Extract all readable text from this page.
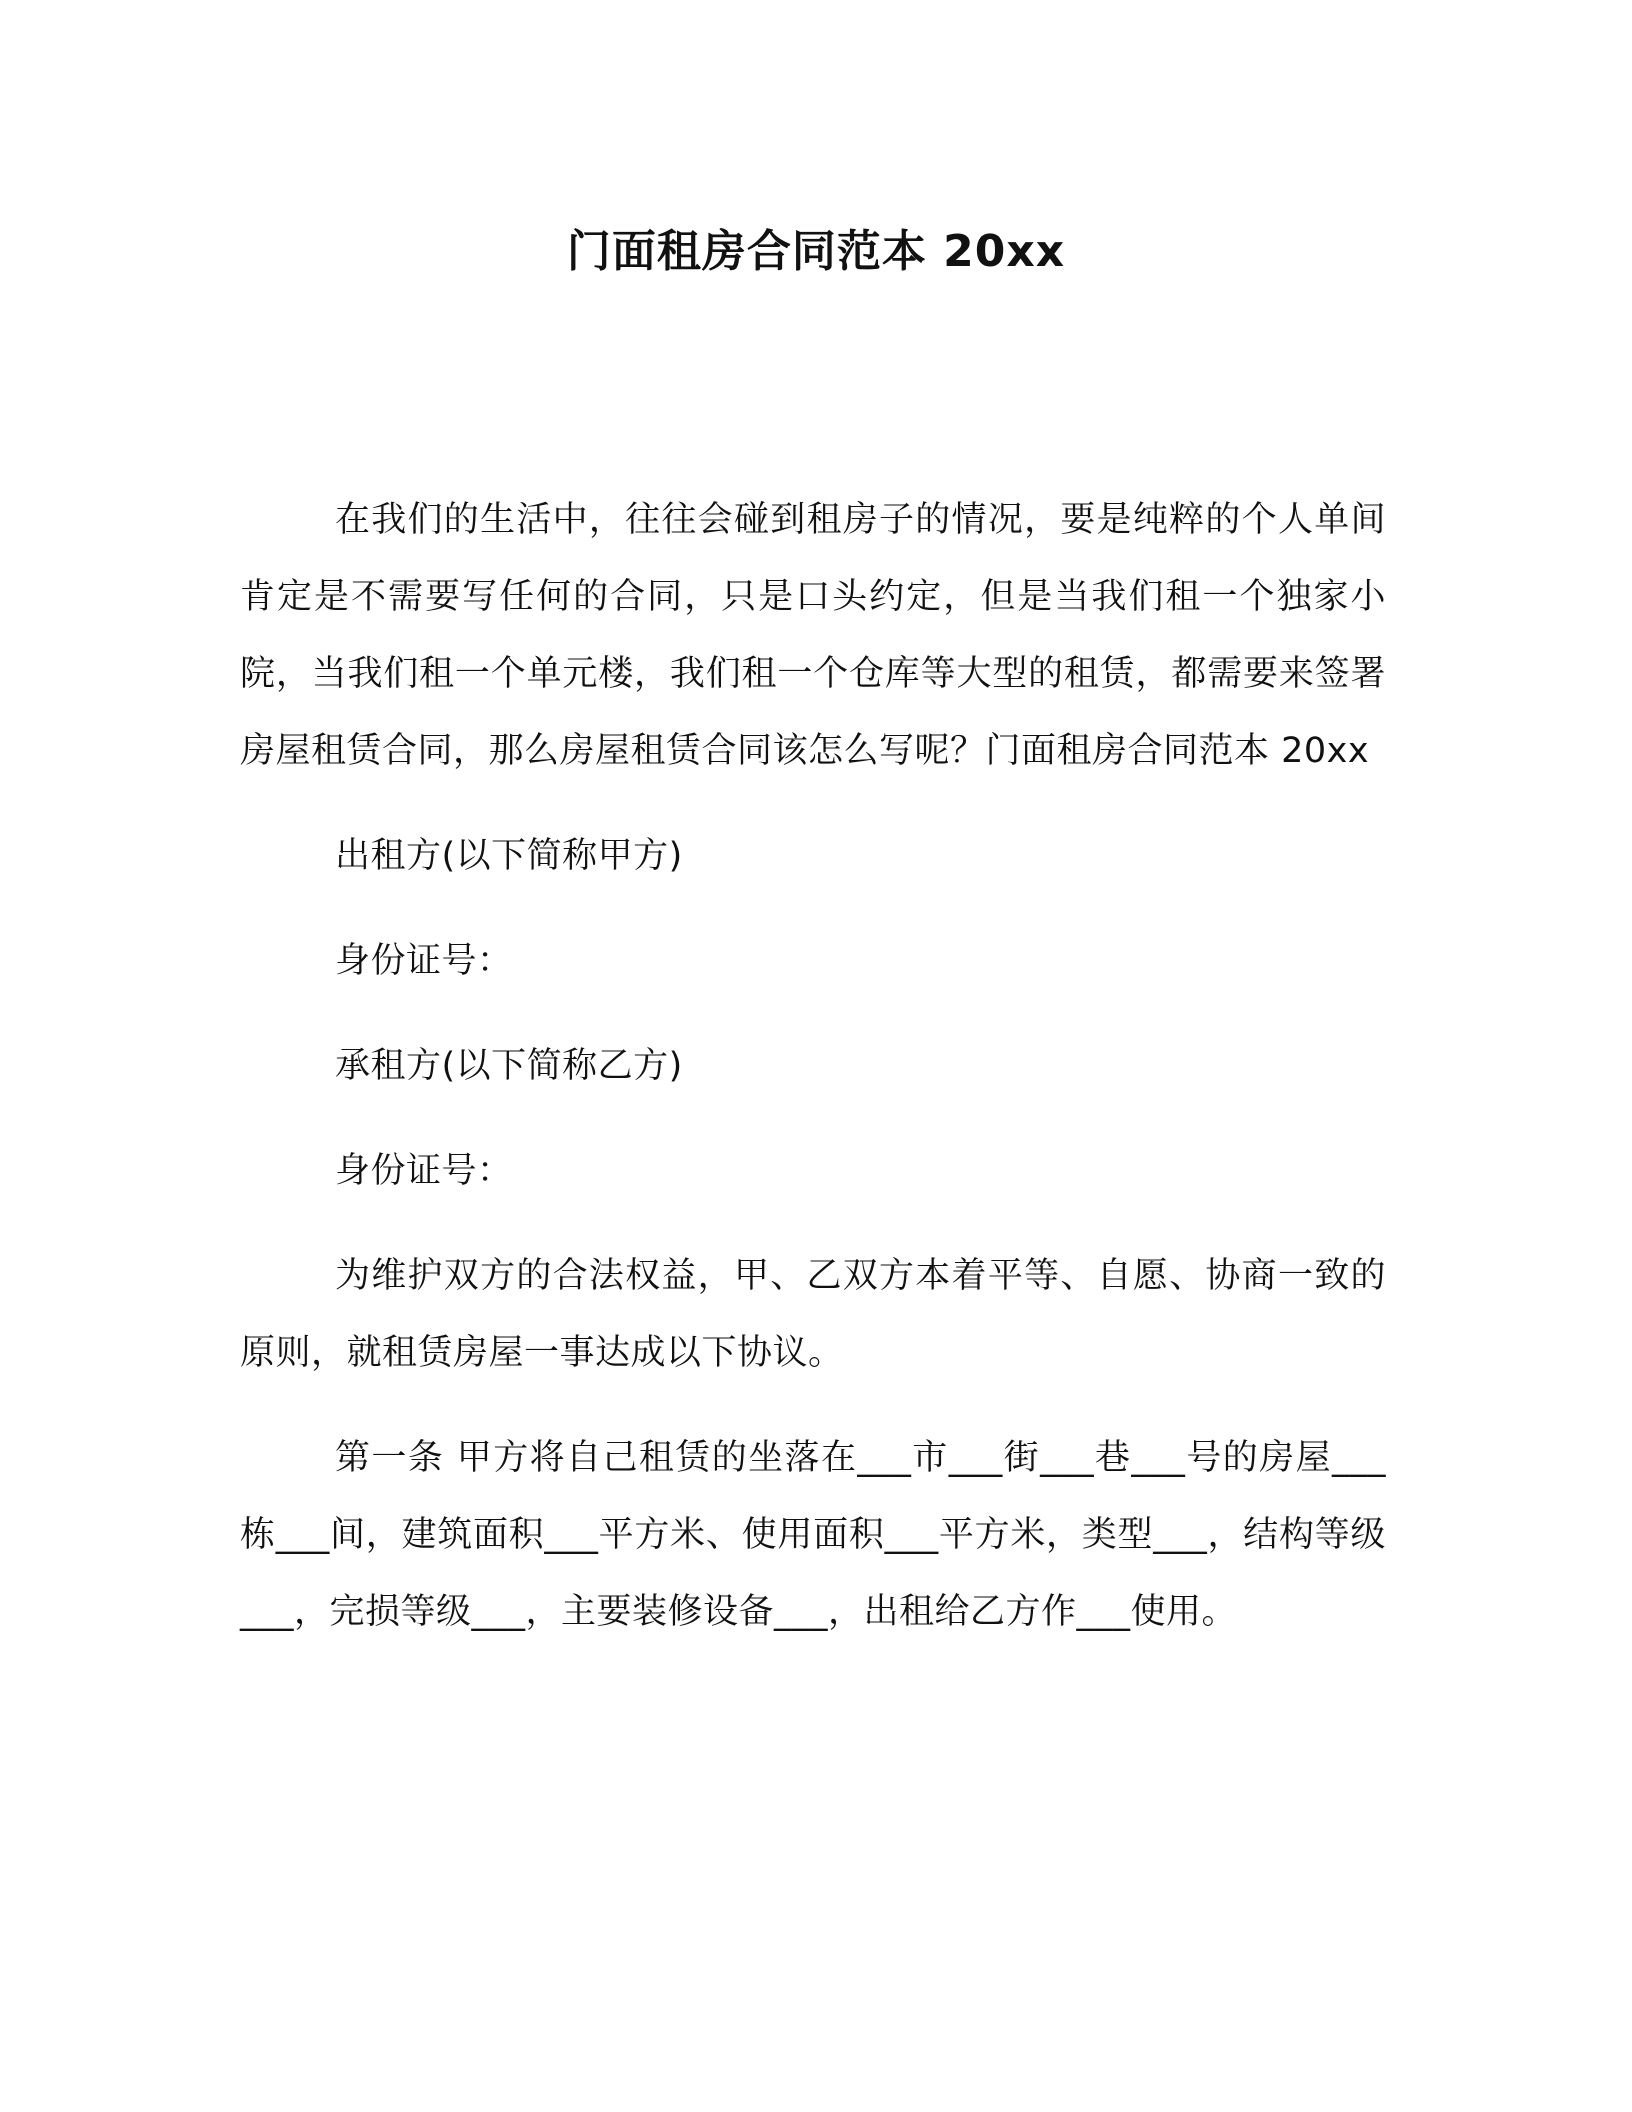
门面租房合同范本 20xx

在我们的生活中，往往会碰到租房子的情况，要是纯粹的个人单间肯定是不需要写任何的合同，只是口头约定，但是当我们租一个独家小院，当我们租一个单元楼，我们租一个仓库等大型的租赁，都需要来签署房屋租赁合同，那么房屋租赁合同该怎么写呢？门面租房合同范本 20xx

出租方(以下简称甲方)

身份证号：

承租方(以下简称乙方)

身份证号：

为维护双方的合法权益，甲、乙双方本着平等、自愿、协商一致的原则，就租赁房屋一事达成以下协议。

第一条 甲方将自己租赁的坐落在___市___街___巷___号的房屋___栋___间，建筑面积___平方米、使用面积___平方米，类型___，结构等级___，完损等级___，主要装修设备___，出租给乙方作___使用。
